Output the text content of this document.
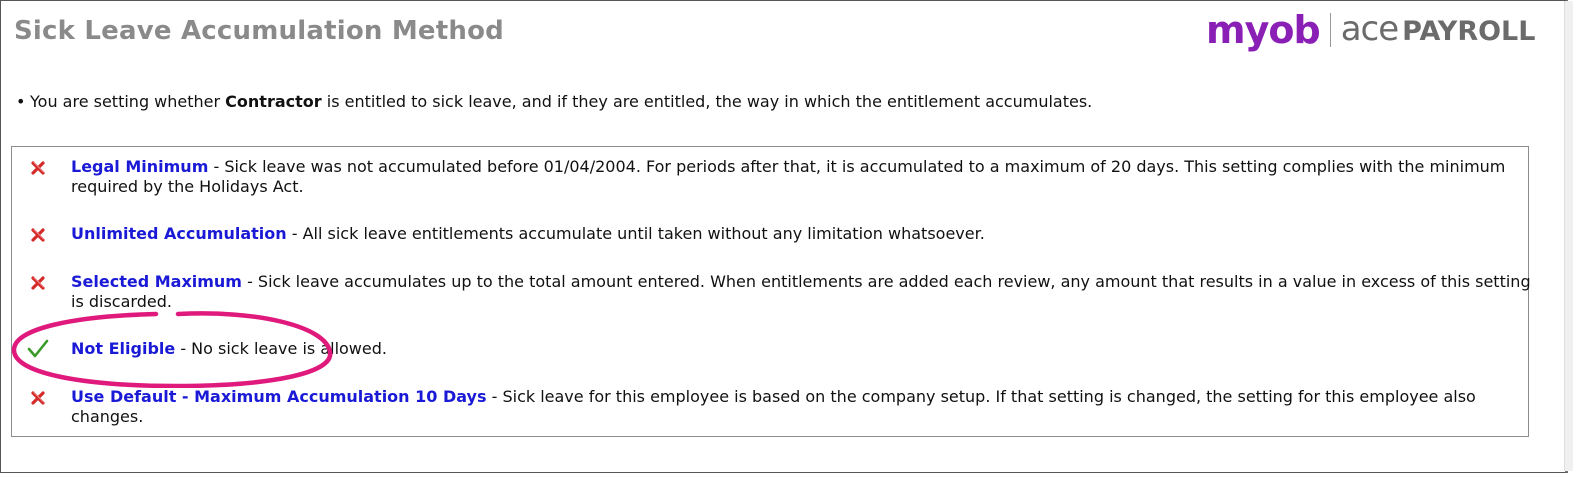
Sick Leave Accumulation Method	myob ace PAYROLL
• You are setting whether Contractor is entitled to sick leave, and if they are entitled, the way in which the entitlement accumulates.
Legal Minimum - Sick leave was not accumulated before 01/04/2004. For periods after that, it is accumulated to a maximum of 20 days. This setting complies with the minimum required by the Holidays Act.
Unlimited Accumulation - All sick leave entitlements accumulate until taken without any limitation whatsoever.
Selected Maximum - Sick leave accumulates up to the total amount entered. When entitlements are added each review, any amount that results in a value in excess of this setting is discarded.
Not Eligible - No sick leave is allowed.
Use Default - Maximum Accumulation 10 Days - Sick leave for this employee is based on the company setup. If that setting is changed, the setting for this employee also changes.
